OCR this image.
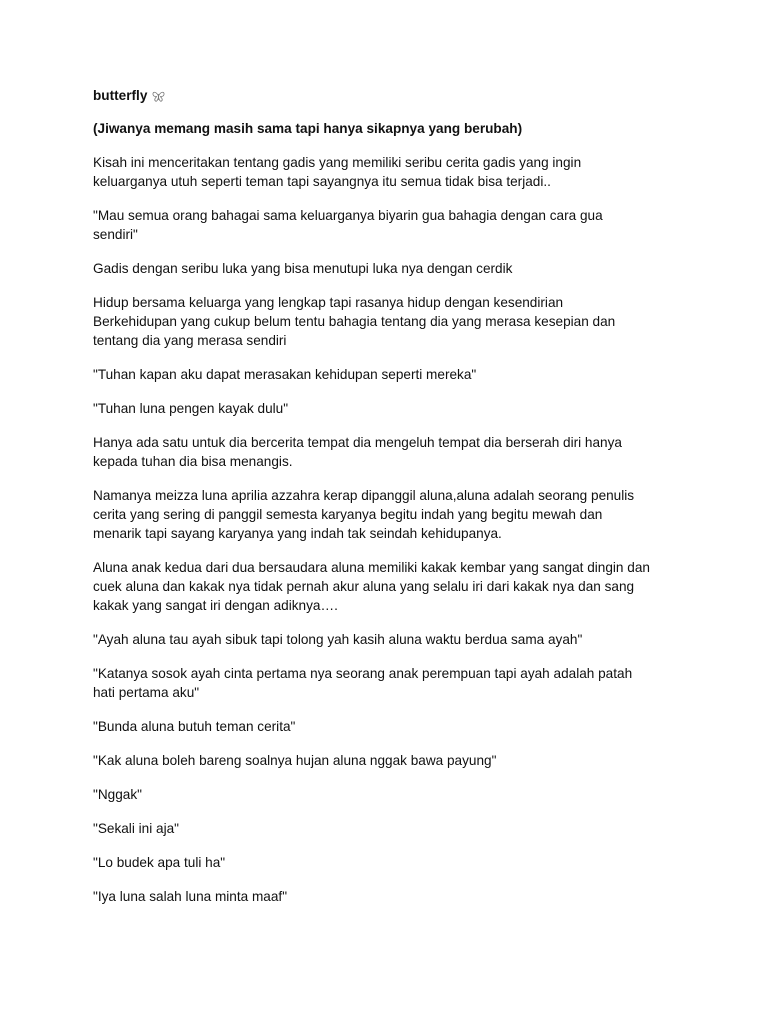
butterfly
(Jiwanya memang masih sama tapi hanya sikapnya yang berubah)
Kisah ini menceritakan tentang gadis yang memiliki seribu cerita gadis yang ingin
keluarganya utuh seperti teman tapi sayangnya itu semua tidak bisa terjadi..
"Mau semua orang bahagai sama keluarganya biyarin gua bahagia dengan cara gua
sendiri"
Gadis dengan seribu luka yang bisa menutupi luka nya dengan cerdik
Hidup bersama keluarga yang lengkap tapi rasanya hidup dengan kesendirian
Berkehidupan yang cukup belum tentu bahagia tentang dia yang merasa kesepian dan
tentang dia yang merasa sendiri
"Tuhan kapan aku dapat merasakan kehidupan seperti mereka"
"Tuhan luna pengen kayak dulu"
Hanya ada satu untuk dia bercerita tempat dia mengeluh tempat dia berserah diri hanya
kepada tuhan dia bisa menangis.
Namanya meizza luna aprilia azzahra kerap dipanggil aluna,aluna adalah seorang penulis
cerita yang sering di panggil semesta karyanya begitu indah yang begitu mewah dan
menarik tapi sayang karyanya yang indah tak seindah kehidupanya.
Aluna anak kedua dari dua bersaudara aluna memiliki kakak kembar yang sangat dingin dan
cuek aluna dan kakak nya tidak pernah akur aluna yang selalu iri dari kakak nya dan sang
kakak yang sangat iri dengan adiknya….
"Ayah aluna tau ayah sibuk tapi tolong yah kasih aluna waktu berdua sama ayah"
"Katanya sosok ayah cinta pertama nya seorang anak perempuan tapi ayah adalah patah
hati pertama aku"
"Bunda aluna butuh teman cerita"
"Kak aluna boleh bareng soalnya hujan aluna nggak bawa payung"
"Nggak"
"Sekali ini aja"
"Lo budek apa tuli ha"
"Iya luna salah luna minta maaf"
